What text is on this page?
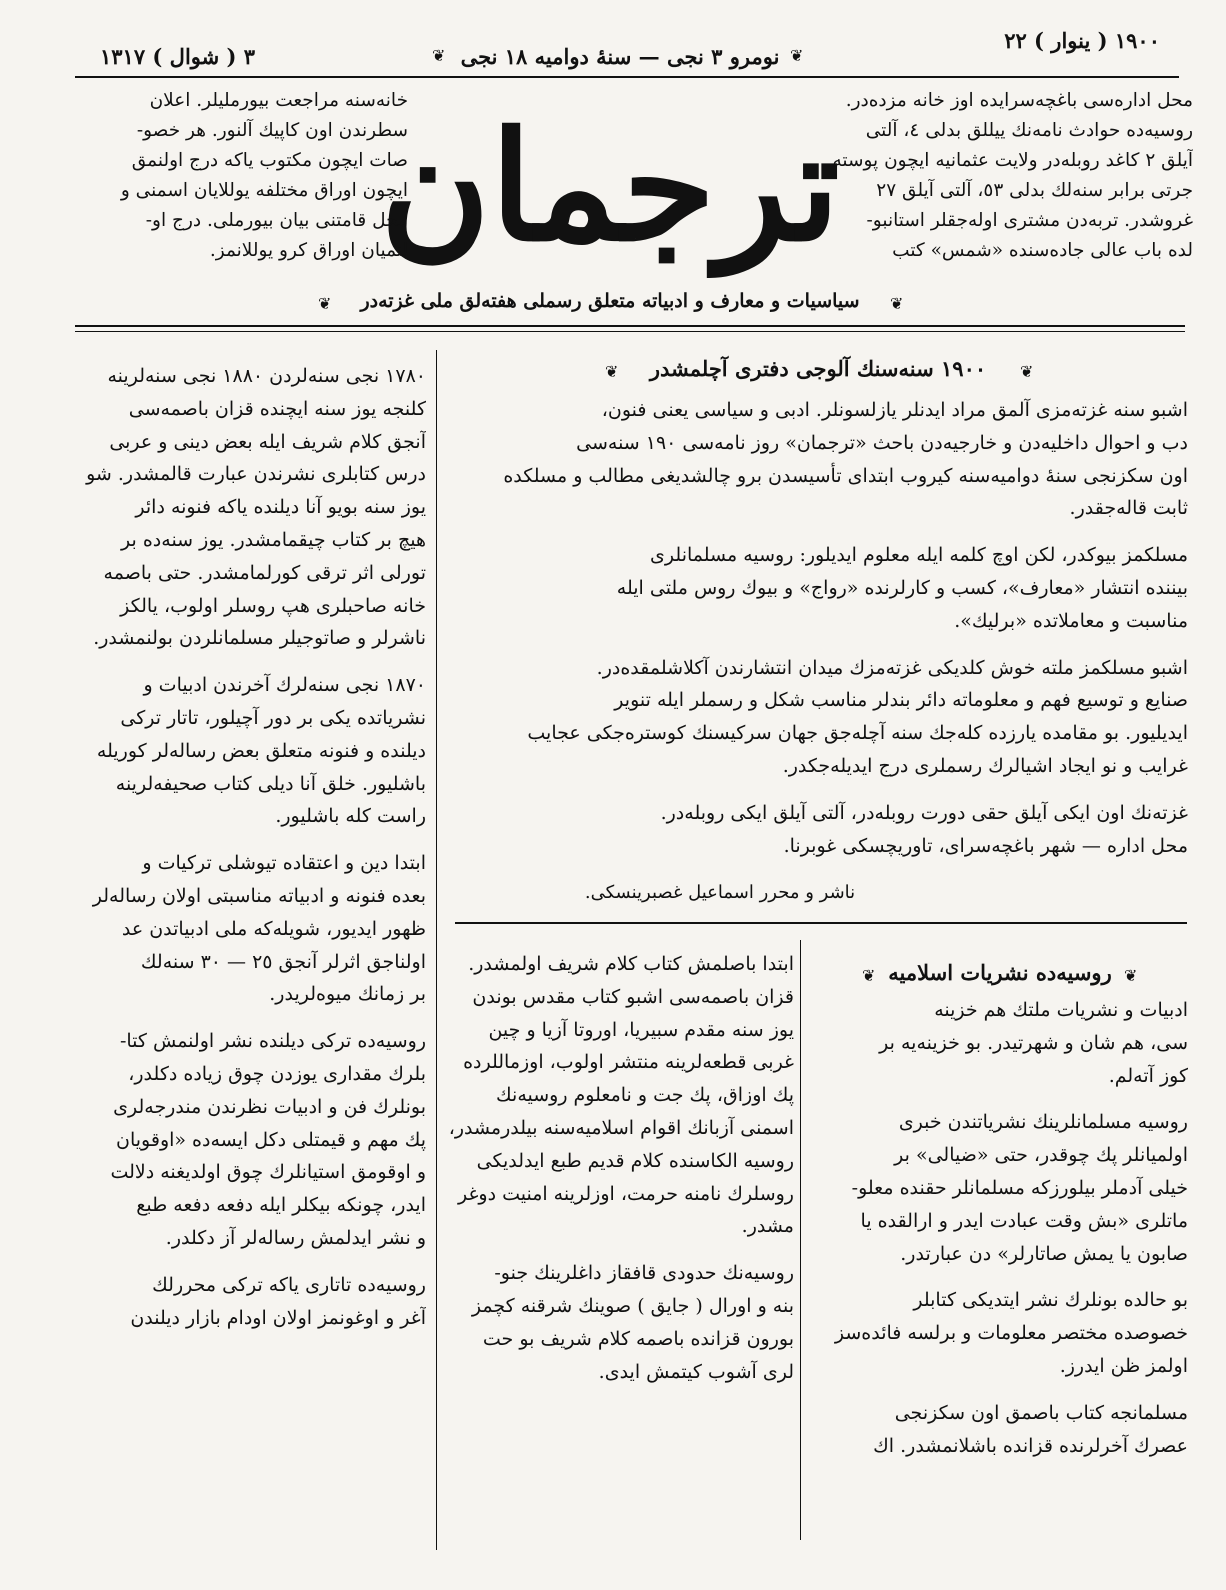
٣ ( شوال ) ١٣١٧	❦ نومرو ٣ نجی — سنهٔ دوامیه ١٨ نجی ❦
١٩٠٠ ( ینوار ) ٢٢

محل اداره‌سی باغچه‌سرایده اوز خانه مزده‌در.

روسیه‌ده حوادث نامه‌نك ییللق بدلی ٤، آلتی

آیلق ٢ کاغد روبله‌در ولایت عثمانیه ایچون پوسته

جرتی برابر سنه‌لك بدلی ٥٣، آلتی آیلق ٢٧

غروشدر. تربه‌دن مشتری اوله‌جقلر استانبو-

لده باب عالی جاده‌سنده «شمس» کتب

ترجمان

خانه‌سنه مراجعت بیورملیلر. اعلان

سطرندن اون کاپیك آلنور. هر خصو-

صات ایچون مکتوب یاکه درج اولنمق

ایچون اوراق مختلفه یوللایان اسمنی و

محل قامتنی بیان بیورملی. درج او-

لنمیان اوراق کرو یوللانمز.

❦	سیاسیات و معارف و ادبیاته متعلق رسملی هفته‌لق ملی غزته‌در	❦
❦	١٩٠٠ سنه‌سنك آلوجی دفتری آچلمشدر	❦

اشبو سنه غزته‌مزی آلمق مراد ایدنلر یازلسونلر. ادبی و سیاسی یعنی فنون،

دب و احوال داخلیه‌دن و خارجیه‌دن باحث «ترجمان» روز نامه‌سی ١٩٠ سنه‌سی

اون سکزنجی سنهٔ دوامیه‌سنه کیروب ابتدای تأسیسدن برو چالشدیغی مطالب و مسلکده

ثابت قاله‌جقدر.

مسلکمز بیوکدر، لکن اوچ کلمه ایله معلوم ایدیلور: روسیه مسلمانلری

بیننده انتشار «معارف»، کسب و کارلرنده «رواج» و بیوك روس ملتی ایله

مناسبت و معاملاتده «برلیك».

اشبو مسلکمز ملته خوش کلدیکی غزته‌مزك میدان انتشارندن آکلاشلمقده‌در.

صنایع و توسیع فهم و معلوماته دائر بندلر مناسب شکل و رسملر ایله تنویر

ایدیلیور. بو مقامده یارزده کله‌جك سنه آچله‌جق جهان سرکیسنك کوستره‌جکی عجایب

غرایب و نو ایجاد اشیالرك رسملری درج ایدیله‌جکدر.

غزته‌نك اون ایکی آیلق حقی دورت روبله‌در، آلتی آیلق ایکی روبله‌در.

محل اداره — شهر باغچه‌سرای، تاوریچسکی غوبرنا.

ناشر و محرر اسماعیل غصبرینسکی.

١٧٨٠ نجی سنه‌لردن ١٨٨٠ نجی سنه‌لرینه

کلنجه یوز سنه ایچنده قزان باصمه‌سی

آنجق کلام شریف ایله بعض دینی و عربی

درس کتابلری نشرندن عبارت قالمشدر. شو

یوز سنه بویو آنا دیلنده یاکه فنونه دائر

هیچ بر کتاب چیقمامشدر. یوز سنه‌ده بر

تورلی اثر ترقی کورلمامشدر. حتی باصمه

خانه صاحبلری هپ روسلر اولوب، یالکز

ناشرلر و صاتوجیلر مسلمانلردن بولنمشدر.

١٨٧٠ نجی سنه‌لرك آخرندن ادبیات و

نشریاتده یکی بر دور آچیلور، تاتار ترکی

دیلنده و فنونه متعلق بعض رساله‌لر کوریله

باشلیور. خلق آنا دیلی کتاب صحیفه‌لرینه

راست کله باشلیور.

ابتدا دین و اعتقاده تیوشلی ترکیات و

بعده فنونه و ادبیاته مناسبتی اولان رساله‌لر

ظهور ایدیور، شویله‌که ملی ادبیاتدن عد

اولناجق اثرلر آنجق ٢٥ — ٣٠ سنه‌لك

بر زمانك میوه‌لریدر.

روسیه‌ده ترکی دیلنده نشر اولنمش کتا-

بلرك مقداری یوزدن چوق زیاده دکلدر،

بونلرك فن و ادبیات نظرندن مندرجه‌لری

پك مهم و قیمتلی دکل ایسه‌ده «اوقویان

و اوقومق استیانلرك چوق اولدیغنه دلالت

ایدر، چونکه بیکلر ایله دفعه دفعه طبع

و نشر ایدلمش رساله‌لر آز دکلدر.

روسیه‌ده تاتاری یاکه ترکی محررلك

آغر و اوغونمز اولان اودام بازار دیلندن

ابتدا باصلمش کتاب کلام شریف اولمشدر.

قزان باصمه‌سی اشبو کتاب مقدس بوندن

یوز سنه مقدم سبیریا، اوروتا آزیا و چین

غربی قطعه‌لرینه منتشر اولوب، اوزماللرده

پك اوزاق، پك جت و نامعلوم روسیه‌نك

اسمنی آزبانك اقوام اسلامیه‌سنه بیلدرمشدر،

روسیه الکاسنده کلام قدیم طبع ایدلدیکی

روسلرك نامنه حرمت، اوزلرینه امنیت دوغر

مشدر.

روسیه‌نك حدودی قافقاز داغلرینك جنو-

بنه و اورال ( جایق ) صوینك شرقنه کچمز

بورون قزانده باصمه کلام شریف بو حت

لری آشوب کیتمش ایدی.

❦ روسیه‌ده نشریات اسلامیه ❦

ادبیات و نشریات ملتك هم خزینه

سی، هم شان و شهرتیدر. بو خزینه‌یه بر

کوز آته‌لم.

روسیه مسلمانلرینك نشریاتندن خبری

اولمیانلر پك چوقدر، حتی «ضیالی» بر

خیلی آدملر بیلورزکه مسلمانلر حقنده معلو-

ماتلری «بش وقت عبادت ایدر و ارالقده یا

صابون یا یمش صاتارلر» دن عبارتدر.

بو حالده بونلرك نشر ایتدیکی کتابلر

خصوصده مختصر معلومات و برلسه فائده‌سز

اولمز ظن ایدرز.

مسلمانجه کتاب باصمق اون سکزنجی

عصرك آخرلرنده قزانده باشلانمشدر. اك
